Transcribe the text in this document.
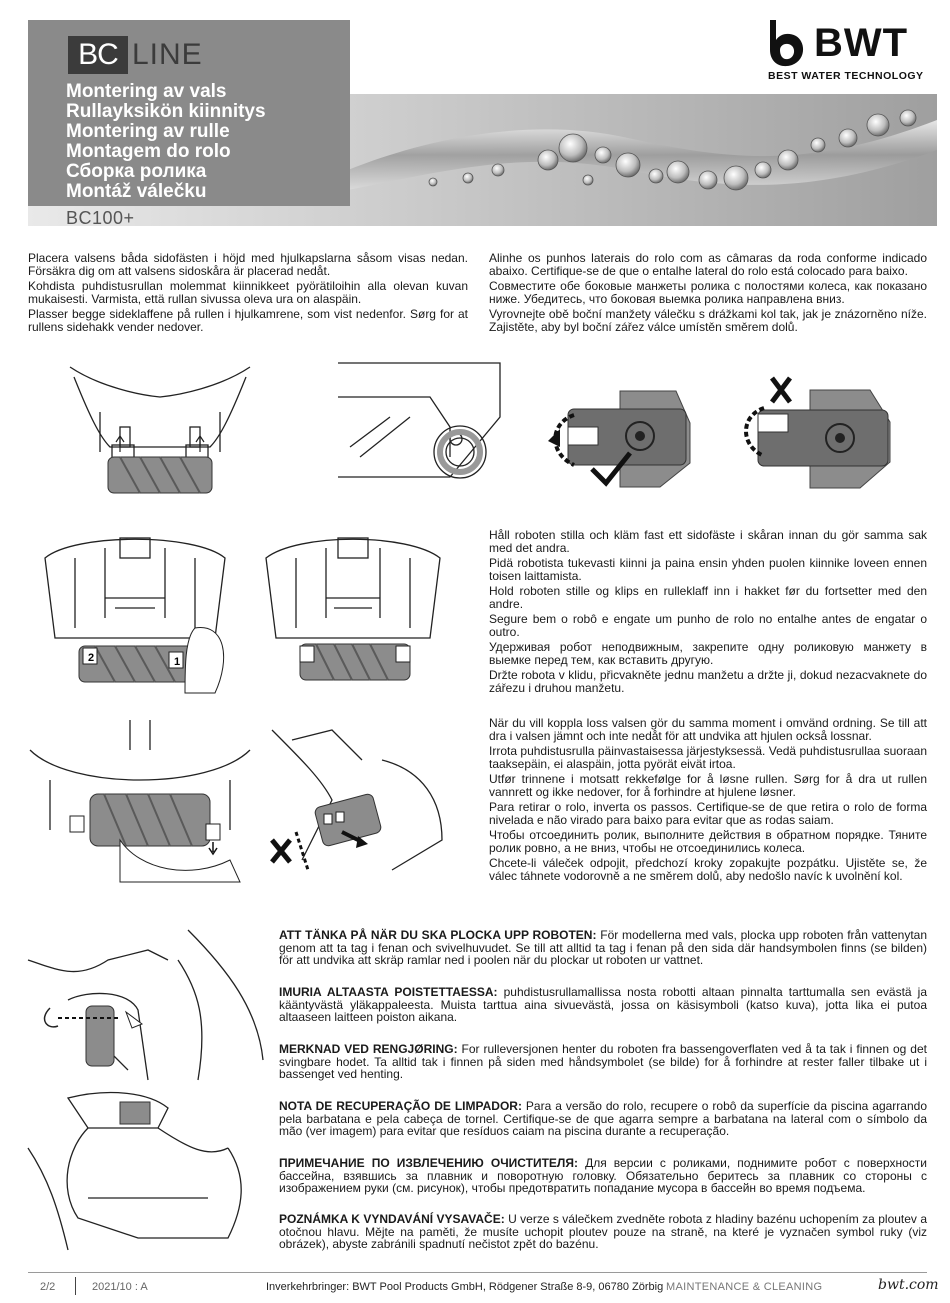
BC LINE
Montering av vals
Rullayksikön kiinnitys
Montering av rulle
Montagem do rolo
Сборка ролика
Montáž válečku
BC100+
BWT
BEST WATER TECHNOLOGY

Placera valsens båda sidofästen i höjd med hjulkapslarna såsom visas nedan. Försäkra dig om att valsens sidoskåra är placerad nedåt.

Kohdista puhdistusrullan molemmat kiinnikkeet pyörätiloihin alla olevan kuvan mukaisesti. Varmista, että rullan sivussa oleva ura on alaspäin.

Plasser begge sideklaffene på rullen i hjulkamrene, som vist nedenfor. Sørg for at rullens sidehakk vender nedover.

Alinhe os punhos laterais do rolo com as câmaras da roda conforme indicado abaixo. Certifique-se de que o entalhe lateral do rolo está colocado para baixo.

Совместите обе боковые манжеты ролика с полостями колеса, как показано ниже. Убедитесь, что боковая выемка ролика направлена вниз.

Vyrovnejte obě boční manžety válečku s drážkami kol tak, jak je znázorněno níže. Zajistěte, aby byl boční zářez válce umístěn směrem dolů.

2	1

Håll roboten stilla och kläm fast ett sidofäste i skåran innan du gör samma sak med det andra.

Pidä robotista tukevasti kiinni ja paina ensin yhden puolen kiinnike loveen ennen toisen laittamista.

Hold roboten stille og klips en rulleklaff inn i hakket før du fortsetter med den andre.

Segure bem o robô e engate um punho de rolo no entalhe antes de engatar o outro.

Удерживая робот неподвижным, закрепите одну роликовую манжету в выемке перед тем, как вставить другую.

Držte robota v klidu, přicvakněte jednu manžetu a držte ji, dokud nezacvaknete do zářezu i druhou manžetu.

När du vill koppla loss valsen gör du samma moment i omvänd ordning. Se till att dra i valsen jämnt och inte nedåt för att undvika att hjulen också lossnar.

Irrota puhdistusrulla päinvastaisessa järjestyksessä. Vedä puhdistusrullaa suoraan taaksepäin, ei alaspäin, jotta pyörät eivät irtoa.

Utfør trinnene i motsatt rekkefølge for å løsne rullen. Sørg for å dra ut rullen vannrett og ikke nedover, for å forhindre at hjulene løsner.

Para retirar o rolo, inverta os passos. Certifique-se de que retira o rolo de forma nivelada e não virado para baixo para evitar que as rodas saiam.

Чтобы отсоединить ролик, выполните действия в обратном порядке. Тяните ролик ровно, а не вниз, чтобы не отсоединились колеса.

Chcete-li váleček odpojit, předchozí kroky zopakujte pozpátku. Ujistěte se, že válec táhnete vodorovně a ne směrem dolů, aby nedošlo navíc k uvolnění kol.

ATT TÄNKA PÅ NÄR DU SKA PLOCKA UPP ROBOTEN: För modellerna med vals, plocka upp roboten från vattenytan genom att ta tag i fenan och svivelhuvudet. Se till att alltid ta tag i fenan på den sida där handsymbolen finns (se bilden) för att undvika att skräp ramlar ned i poolen när du plockar ut roboten ur vattnet.
IMURIA ALTAASTA POISTETTAESSA: puhdistusrullamallissa nosta robotti altaan pinnalta tarttumalla sen evästä ja kääntyvästä yläkappaleesta. Muista tarttua aina sivuevästä, jossa on käsisymboli (katso kuva), jotta lika ei putoa altaaseen laitteen poiston aikana.
MERKNAD VED RENGJØRING: For rulleversjonen henter du roboten fra bassengoverflaten ved å ta tak i finnen og det svingbare hodet. Ta alltid tak i finnen på siden med håndsymbolet (se bilde) for å forhindre at rester faller tilbake ut i bassenget ved henting.
NOTA DE RECUPERAÇÃO DE LIMPADOR: Para a versão do rolo, recupere o robô da superfície da piscina agarrando pela barbatana e pela cabeça de tornel. Certifique-se de que agarra sempre a barbatana na lateral com o símbolo da mão (ver imagem) para evitar que resíduos caiam na piscina durante a recuperação.
ПРИМЕЧАНИЕ ПО ИЗВЛЕЧЕНИЮ ОЧИСТИТЕЛЯ: Для версии с роликами, поднимите робот с поверхности бассейна, взявшись за плавник и поворотную головку. Обязательно беритесь за плавник со стороны с изображением руки (см. рисунок), чтобы предотвратить попадание мусора в бассейн во время подъема.
POZNÁMKA K VYNDAVÁNÍ VYSAVAČE: U verze s válečkem zvedněte robota z hladiny bazénu uchopením za ploutev a otočnou hlavu. Mějte na paměti, že musíte uchopit ploutev pouze na straně, na které je vyznačen symbol ruky (viz obrázek), abyste zabránili spadnutí nečistot zpět do bazénu.
2/2	2021/10 : A	Inverkehrbringer: BWT Pool Products GmbH, Rödgener Straße 8-9, 06780 Zörbig MAINTENANCE & CLEANING	bwt.com
